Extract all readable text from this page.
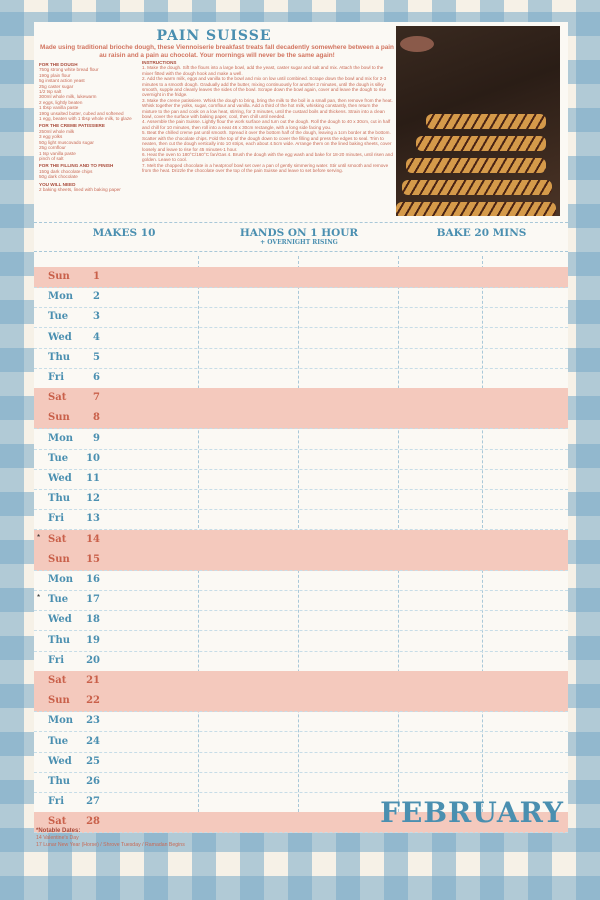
PAIN SUISSE
Made using traditional brioche dough, these Viennoiserie breakfast treats fall decadently somewhere between a pain au raisin and a pain au chocolat. Your mornings will never be the same again!
FOR THE DOUGH
750g strong white bread flour
190g plain flour
5g instant action yeast
25g caster sugar
1/2 tsp salt
300ml whole milk, lukewarm
2 eggs, lightly beaten
1 tbsp vanilla paste
190g unsalted butter, cubed and softened
1 egg, beaten with 1 tbsp whole milk, to glaze
FOR THE CREME PATISSIERE
250ml whole milk
3 egg yolks
50g light muscovado sugar
25g cornflour
1 tsp vanilla paste
pinch of salt
FOR THE FILLING AND TO FINISH
150g dark chocolate chips
50g dark chocolate
YOU WILL NEED
2 baking sheets, lined with baking paper
INSTRUCTIONS
1. Make the dough. Sift the flours into a large bowl, add the yeast, caster sugar and salt and mix. Attach the bowl to the mixer fitted with the dough hook and make a well.
2. Add the warm milk, eggs and vanilla to the bowl and mix on low until combined. Scrape down the bowl and mix for 2-3 minutes to a smooth dough. Gradually add the butter, mixing continuously for another 2 minutes, until the dough is silky smooth, supple and cleanly leaves the sides of the bowl. Scrape down the bowl again, cover and leave the dough to rise overnight in the fridge.
3. Make the creme patissiere. Whisk the dough to bring, bring the milk to the boil in a small pan, then remove from the heat. Whisk together the yolks, sugar, cornflour and vanilla. Add a third of the hot milk, whisking constantly, then return the mixture to the pan and cook on a low heat, stirring, for 3 minutes, until the custard boils and thickens. Strain into a clean bowl, cover the surface with baking paper, cool, then chill until needed.
4. Assemble the pain Suisse. Lightly flour the work surface and turn out the dough. Roll the dough to 40 x 30cm, cut in half and chill for 10 minutes, then roll into a neat 46 x 30cm rectangle, with a long side facing you.
5. Beat the chilled creme pat until smooth. Spread it over the bottom half of the dough, leaving a 1cm border at the bottom. Scatter with the chocolate chips. Fold the top of the dough down to cover the filling and press the edges to seal. Trim to neaten, then cut the dough vertically into 10 strips, each about 4.5cm wide. Arrange them on the lined baking sheets, cover loosely and leave to rise for 45 minutes-1 hour.
6. Heat the oven to 180°C/160°C fan/Gas 4. Brush the dough with the egg wash and bake for 18-20 minutes, until risen and golden. Leave to cool.
7. Melt the chopped chocolate in a heatproof bowl set over a pan of gently simmering water. Stir until smooth and remove from the heat. Drizzle the chocolate over the top of the pain Suisse and leave to set before serving.
MAKES 10	HANDS ON 1 HOUR
+ OVERNIGHT RISING
BAKE 20 MINS
Sun	1
Mon	2
Tue	3
Wed	4
Thu	5
Fri	6
Sat	7
Sun	8
Mon	9
Tue	10
Wed	11
Thu	12
Fri	13
* Sat	14
Sun	15
Mon	16
* Tue	17
Wed	18
Thu	19
Fri	20
Sat	21
Sun	22
Mon	23
Tue	24
Wed	25
Thu	26
Fri	27
Sat	28
*Notable Dates:
14 Valentine's Day
17 Lunar New Year (Horse) / Shrove Tuesday / Ramadan Begins
FEBRUARY
